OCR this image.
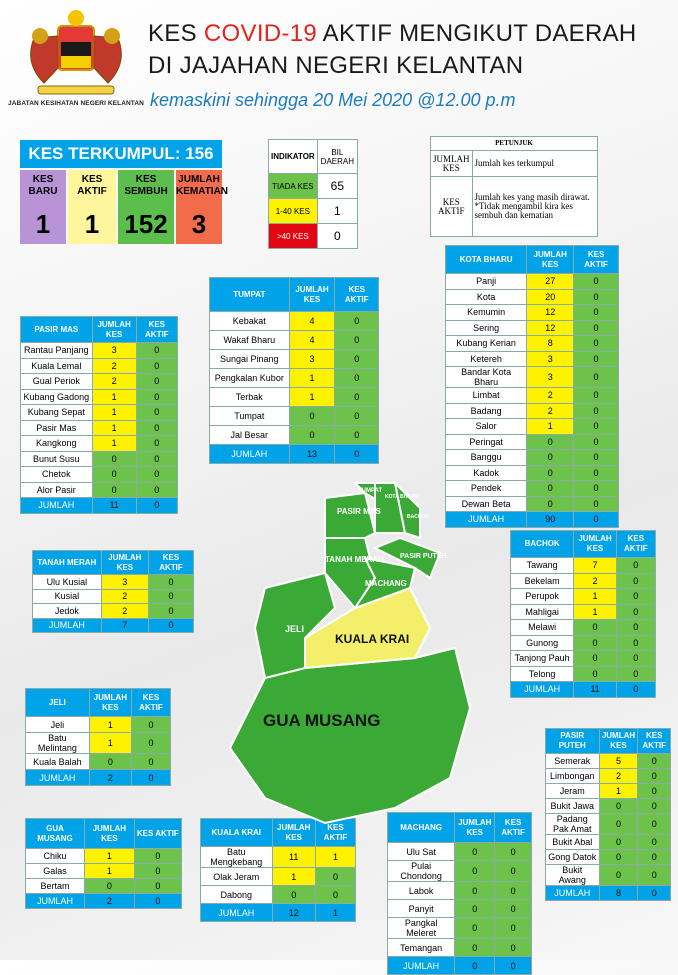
JABATAN KESIHATAN NEGERI KELANTAN
KES COVID-19 AKTIF MENGIKUT DAERAH
DI JAJAHAN NEGERI KELANTAN
kemaskini sehingga 20 Mei 2020 @12.00 p.m
KES TERKUMPUL: 156
KES BARU
1
KES AKTIF
1
KES SEMBUH
152
JUMLAH KEMATIAN
3
INDIKATOR	BIL DAERAH
TIADA KES	65
1-40 KES	1
>40 KES	0
PETUNJUK	
JUMLAH KES	Jumlah kes terkumpul
KES AKTIF	Jumlah kes yang masih dirawat. *Tidak mengambil kira kes sembuh dan kematian
PASIR MAS	JUMLAH KES	KES AKTIF
Rantau Panjang	3	0
Kuala Lemal	2	0
Gual Periok	2	0
Kubang Gadong	1	0
Kubang Sepat	1	0
Pasir Mas	1	0
Kangkong	1	0
Bunut Susu	0	0
Chetok	0	0
Alor Pasir	0	0
JUMLAH	11	0
TUMPAT	JUMLAH KES	KES AKTIF
Kebakat	4	0
Wakaf Bharu	4	0
Sungai Pinang	3	0
Pengkalan Kubor	1	0
Terbak	1	0
Tumpat	0	0
Jal Besar	0	0
JUMLAH	13	0
KOTA BHARU	JUMLAH KES	KES AKTIF
Panji	27	0
Kota	20	0
Kemumin	12	0
Sering	12	0
Kubang Kerian	8	0
Ketereh	3	0
Bandar Kota Bharu	3	0
Limbat	2	0
Badang	2	0
Salor	1	0
Peringat	0	0
Banggu	0	0
Kadok	0	0
Pendek	0	0
Dewan Beta	0	0
JUMLAH	90	0
TANAH MERAH	JUMLAH KES	KES AKTIF
Ulu Kusial	3	0
Kusial	2	0
Jedok	2	0
JUMLAH	7	0
BACHOK	JUMLAH KES	KES AKTIF
Tawang	7	0
Bekelam	2	0
Perupok	1	0
Mahligai	1	0
Melawi	0	0
Gunong	0	0
Tanjong Pauh	0	0
Telong	0	0
JUMLAH	11	0
JELI	JUMLAH KES	KES AKTIF
Jeli	1	0
Batu Melintang	1	0
Kuala Balah	0	0
JUMLAH	2	0
PASIR PUTEH	JUMLAH KES	KES AKTIF
Semerak	5	0
Limbongan	2	0
Jeram	1	0
Bukit Jawa	0	0
Padang Pak Amat	0	0
Bukit Abal	0	0
Gong Datok	0	0
Bukit Awang	0	0
JUMLAH	8	0
GUA MUSANG	JUMLAH KES	KES AKTIF
Chiku	1	0
Galas	1	0
Bertam	0	0
JUMLAH	2	0
KUALA KRAI	JUMLAH KES	KES AKTIF
Batu Mengkebang	11	1
Olak Jeram	1	0
Dabong	0	0
JUMLAH	12	1
MACHANG	JUMLAH KES	KES AKTIF
Ulu Sat	0	0
Pulai Chondong	0	0
Labok	0	0
Panyit	0	0
Pangkal Meleret	0	0
Temangan	0	0
JUMLAH	0	0
TUMPAT
PASIR MAS
KOTA BHARU
BACHOK
TANAH MERAH PASIR PUTEH
MACHANG
JELI
KUALA KRAI
GUA MUSANG
